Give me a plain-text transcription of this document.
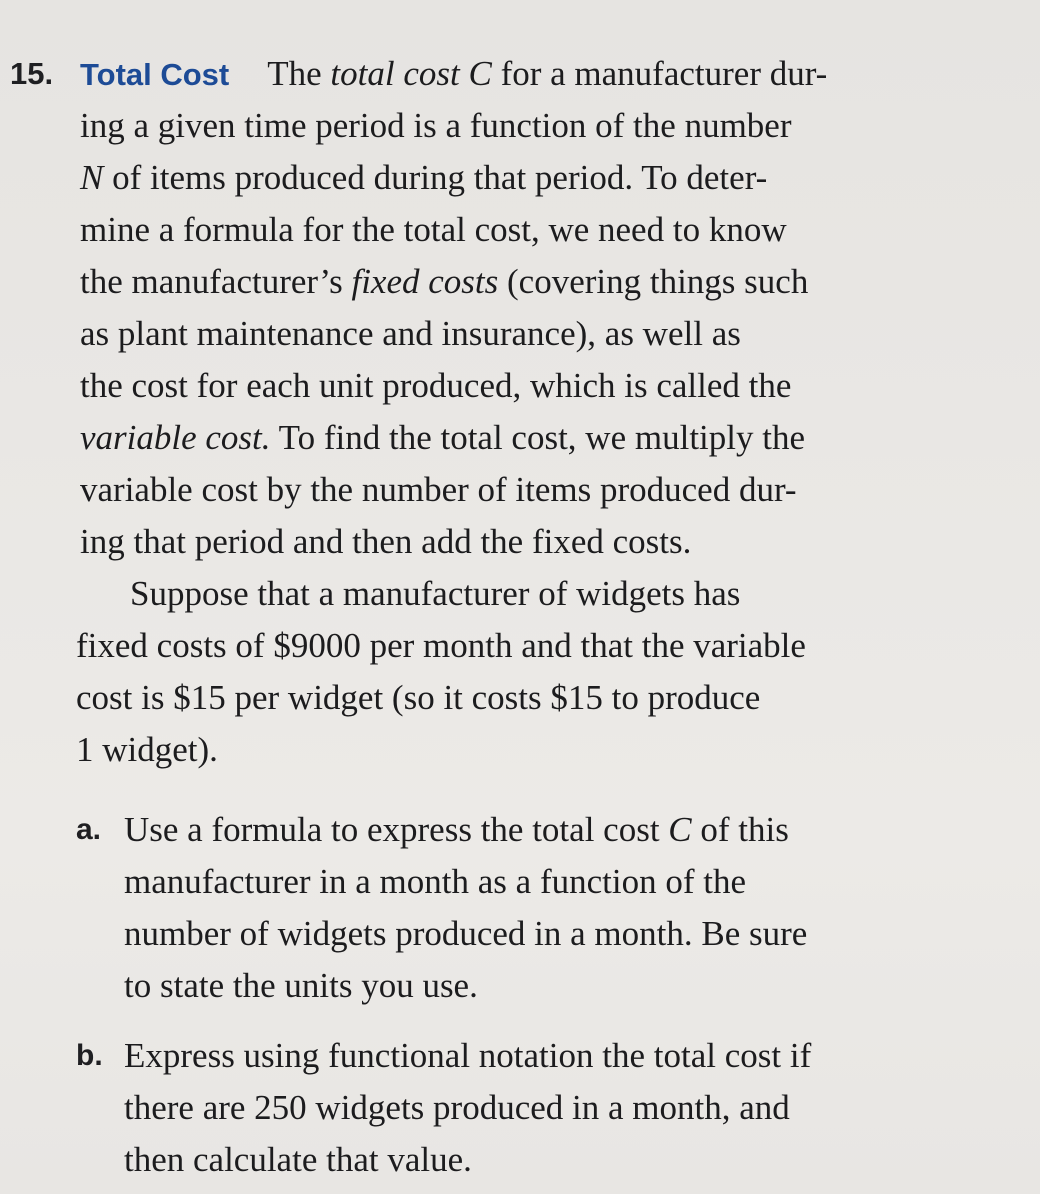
15. Total Cost The total cost C for a manufacturer dur-
ing a given time period is a function of the number
N of items produced during that period. To deter-
mine a formula for the total cost, we need to know
the manufacturer’s fixed costs (covering things such
as plant maintenance and insurance), as well as
the cost for each unit produced, which is called the
variable cost. To find the total cost, we multiply the
variable cost by the number of items produced dur-
ing that period and then add the fixed costs.
Suppose that a manufacturer of widgets has
fixed costs of $9000 per month and that the variable
cost is $15 per widget (so it costs $15 to produce
1 widget).
a. Use a formula to express the total cost C of this
manufacturer in a month as a function of the
number of widgets produced in a month. Be sure
to state the units you use.
b. Express using functional notation the total cost if
there are 250 widgets produced in a month, and
then calculate that value.
